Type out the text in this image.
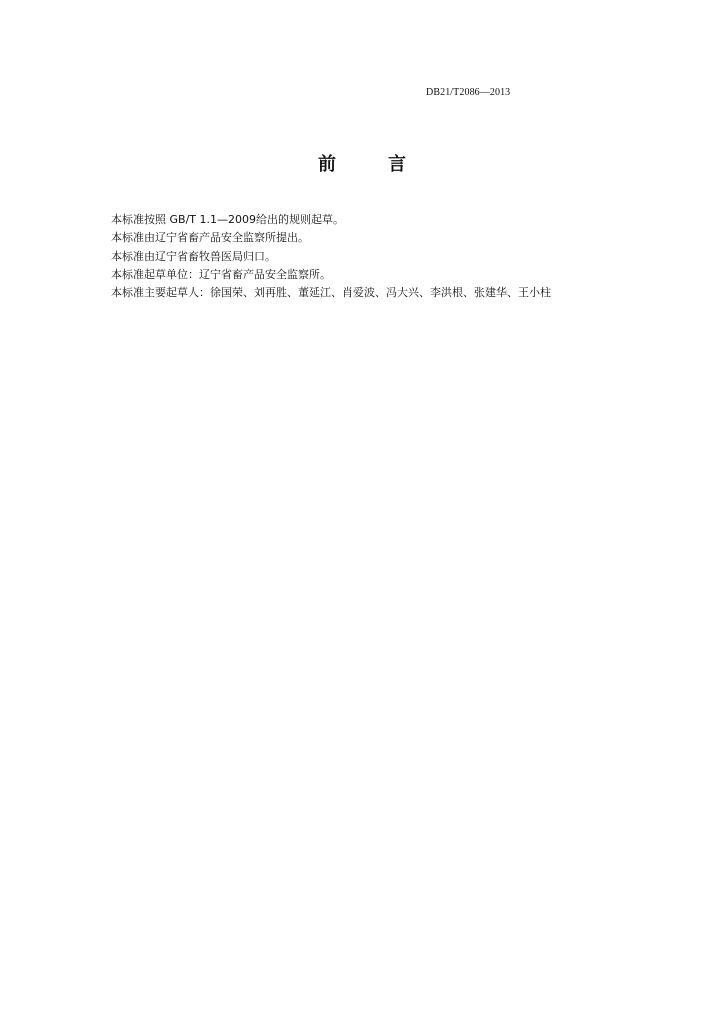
DB21/T2086—2013
前	言
本标准按照 GB/T 1.1—2009给出的规则起草。
本标准由辽宁省畜产品安全监察所提出。
本标准由辽宁省畜牧兽医局归口。
本标准起草单位：辽宁省畜产品安全监察所。
本标准主要起草人：徐国荣、刘再胜、董延江、肖爱波、冯大兴、李洪根、张建华、王小柱
